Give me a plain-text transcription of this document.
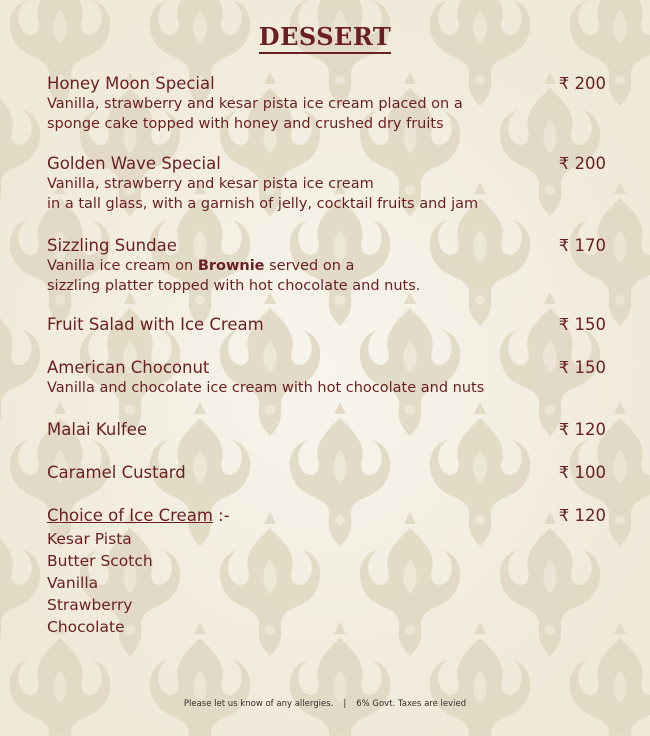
DESSERT
Honey Moon Special	₹ 200
Vanilla, strawberry and kesar pista ice cream placed on a
sponge cake topped with honey and crushed dry fruits
Golden Wave Special	₹ 200
Vanilla, strawberry and kesar pista ice cream
in a tall glass, with a garnish of jelly, cocktail fruits and jam
Sizzling Sundae	₹ 170
Vanilla ice cream on Brownie served on a
sizzling platter topped with hot chocolate and nuts.
Fruit Salad with Ice Cream	₹ 150
American Choconut	₹ 150
Vanilla and chocolate ice cream with hot chocolate and nuts
Malai Kulfee	₹ 120
Caramel Custard	₹ 100
Choice of Ice Cream :-	₹ 120
Kesar Pista
Butter Scotch
Vanilla
Strawberry
Chocolate
Please let us know of any allergies. | 6% Govt. Taxes are levied
